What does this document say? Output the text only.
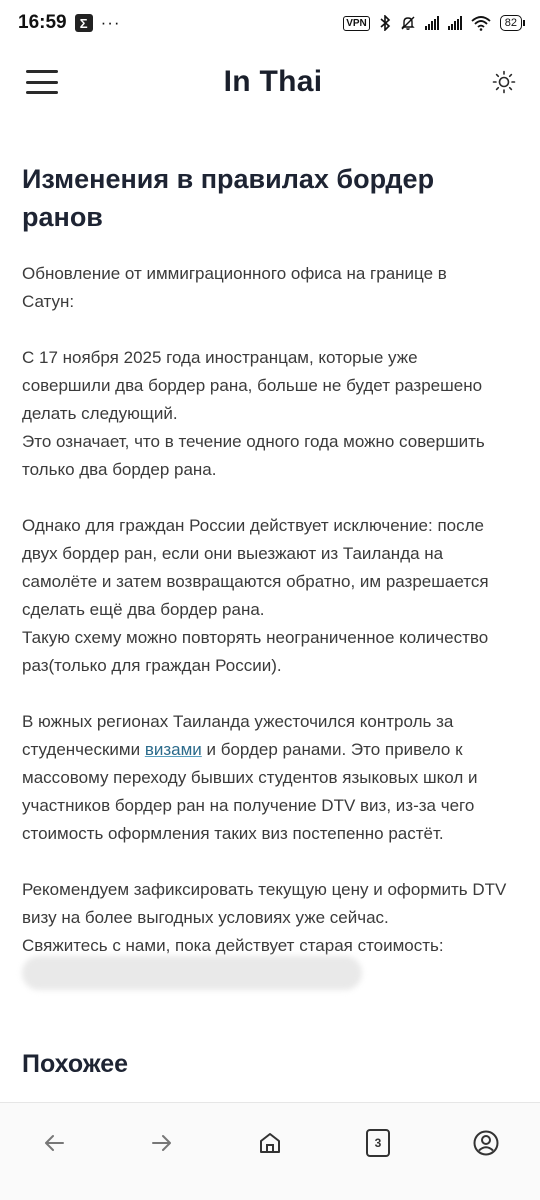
16:59	Σ ···	VPN	82
In Thai
Изменения в правилах бордер
ранов

Обновление от иммиграционного офиса на границе в
Сатун:

С 17 ноября 2025 года иностранцам, которые уже
совершили два бордер рана, больше не будет разрешено
делать следующий.
Это означает, что в течение одного года можно совершить
только два бордер рана.

Однако для граждан России действует исключение: после
двух бордер ран, если они выезжают из Таиланда на
самолёте и затем возвращаются обратно, им разрешается
сделать ещё два бордер рана.
Такую схему можно повторять неограниченное количество
раз(только для граждан России).

В южных регионах Таиланда ужесточился контроль за
студенческими визами и бордер ранами. Это привело к
массовому переходу бывших студентов языковых школ и
участников бордер ран на получение DTV виз, из-за чего
стоимость оформления таких виз постепенно растёт.

Рекомендуем зафиксировать текущую цену и оформить DTV
визу на более выгодных условиях уже сейчас.
Свяжитесь с нами, пока действует старая стоимость:

Похожее
3
